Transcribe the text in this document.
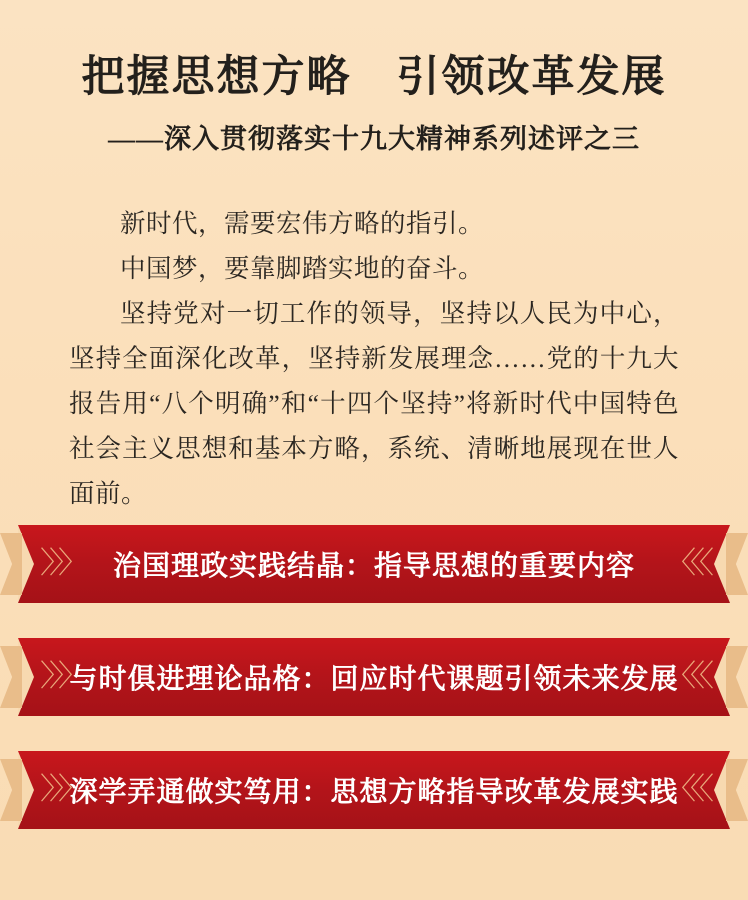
把握思想方略　引领改革发展
——深入贯彻落实十九大精神系列述评之三

新时代，需要宏伟方略的指引。

中国梦，要靠脚踏实地的奋斗。

坚持党对一切工作的领导，坚持以人民为中心，坚持全面深化改革，坚持新发展理念……党的十九大报告用“八个明确”和“十四个坚持”将新时代中国特色社会主义思想和基本方略，系统、清晰地展现在世人面前。

〉〉〉 治国理政实践结晶：指导思想的重要内容 〈〈〈
〉〉〉
与时俱进理论品格：回应时代课题引领未来发展
〈〈〈
〉〉〉
深学弄通做实笃用：思想方略指导改革发展实践
〈〈〈
